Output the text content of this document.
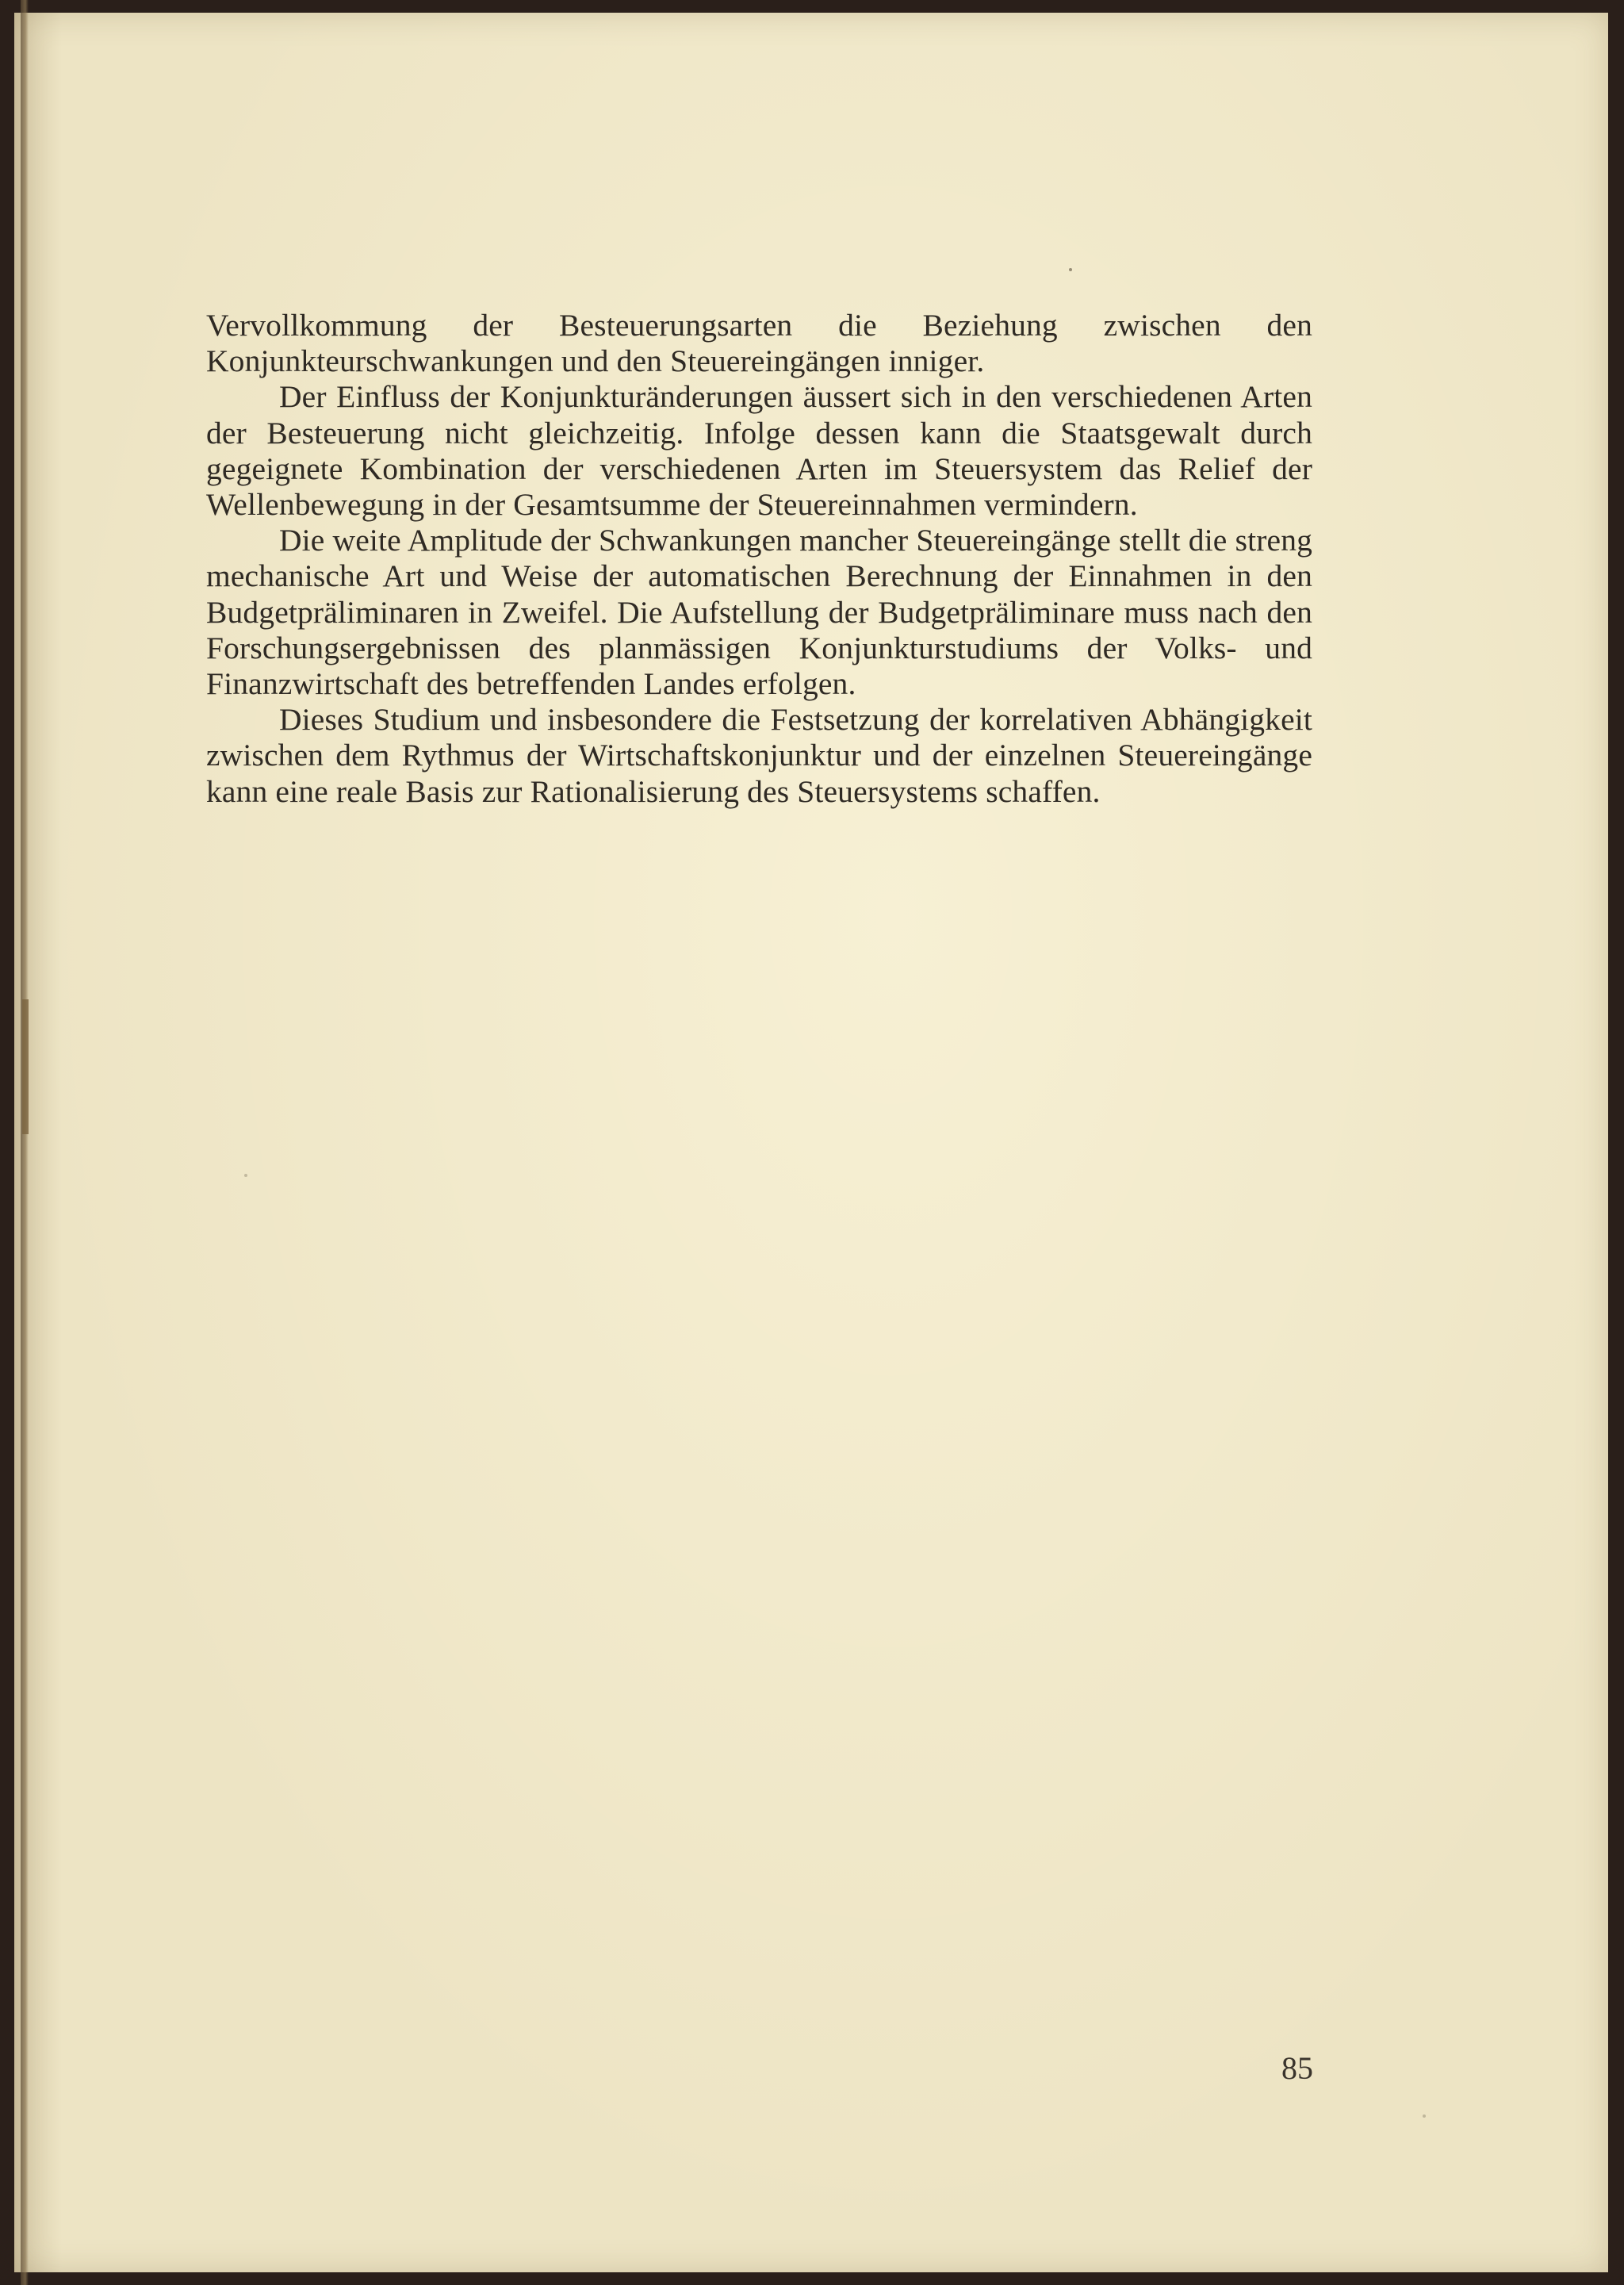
Vervollkommung der Besteuerungsarten die Beziehung zwischen den Konjunkteurschwankungen und den Steuereingängen inniger.

Der Einfluss der Konjunkturänderungen äussert sich in den verschiedenen Arten der Besteuerung nicht gleichzeitig. Infolge dessen kann die Staatsgewalt durch gegeignete Kombination der verschiedenen Arten im Steuersystem das Relief der Wellenbewegung in der Gesamtsumme der Steuereinnahmen vermindern.

Die weite Amplitude der Schwankungen mancher Steuereingänge stellt die streng mechanische Art und Weise der automatischen Berechnung der Einnahmen in den Budgetpräliminaren in Zweifel. Die Aufstellung der Budgetpräliminare muss nach den Forschungsergebnissen des planmässigen Konjunkturstudiums der Volks- und Finanzwirtschaft des betreffenden Landes erfolgen.

Dieses Studium und insbesondere die Festsetzung der korrelativen Abhängigkeit zwischen dem Rythmus der Wirtschaftskonjunktur und der einzelnen Steuereingänge kann eine reale Basis zur Rationalisierung des Steuersystems schaffen.

85
